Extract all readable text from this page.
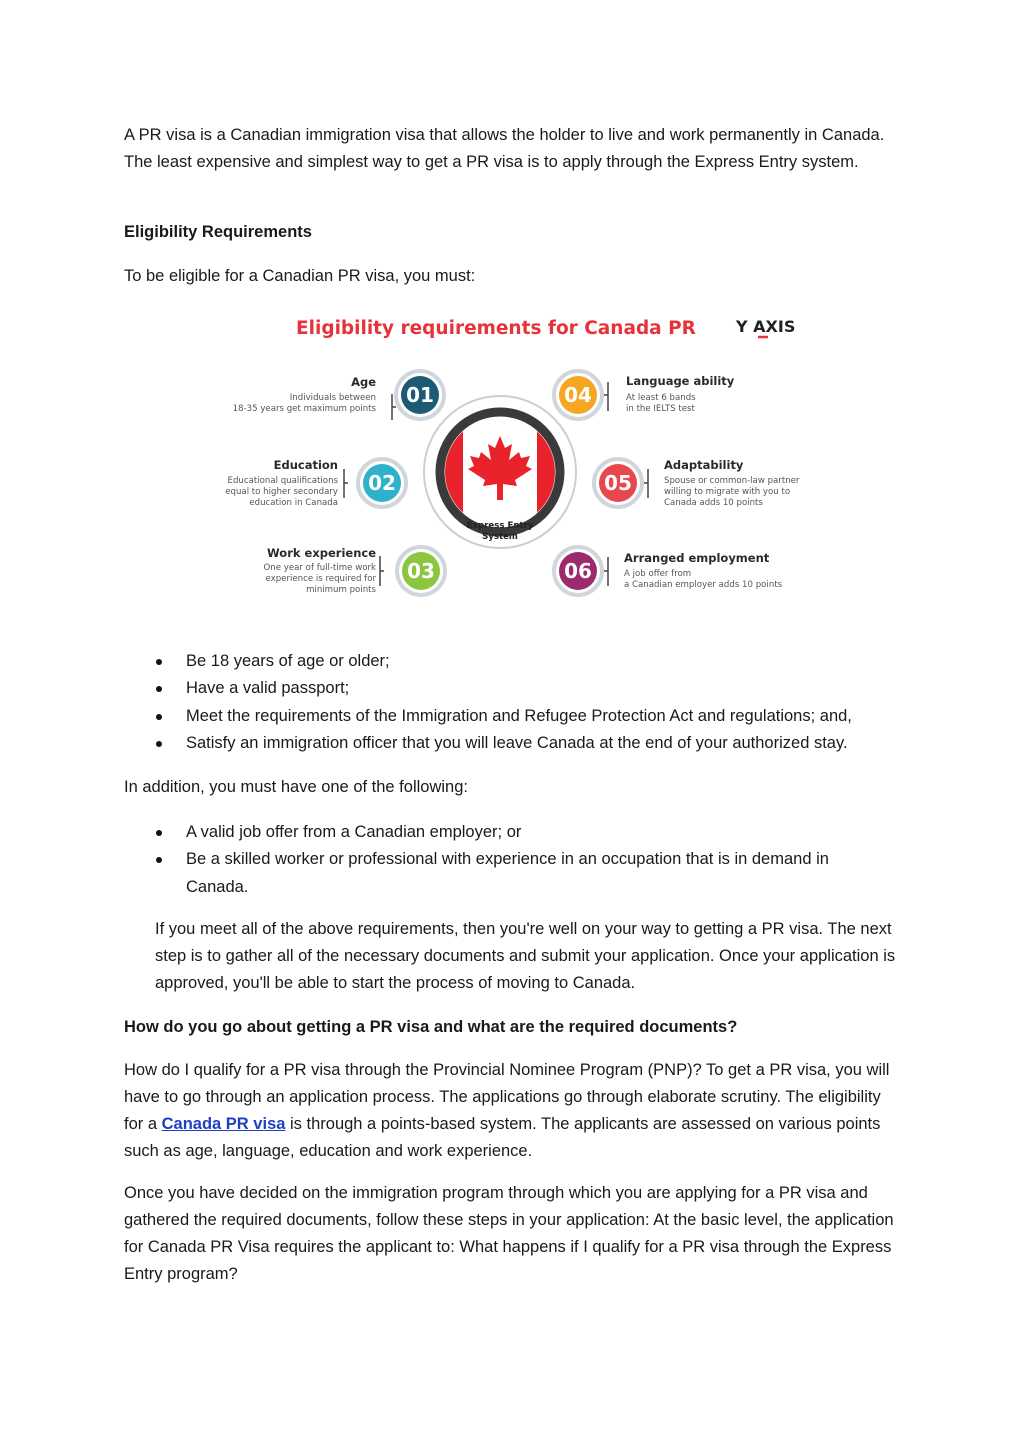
A PR visa is a Canadian immigration visa that allows the holder to live and work permanently in Canada. The least expensive and simplest way to get a PR visa is to apply through the Express Entry system.

Eligibility Requirements

To be eligible for a Canadian PR visa, you must:

Eligibility requirements for Canada PR	Y AXIS
Express Entry
System
01
Age
Individuals between
18-35 years get maximum points
02
Education
Educational qualifications
equal to higher secondary
education in Canada
03
Work experience
One year of full-time work
experience is required for
minimum points
04
Language ability
At least 6 bands
in the IELTS test
05
Adaptability
Spouse or common-law partner
willing to migrate with you to
Canada adds 10 points
06
Arranged employment
A job offer from
a Canadian employer adds 10 points
Be 18 years of age or older;
Have a valid passport;
Meet the requirements of the Immigration and Refugee Protection Act and regulations; and,
Satisfy an immigration officer that you will leave Canada at the end of your authorized stay.

In addition, you must have one of the following:

A valid job offer from a Canadian employer; or
Be a skilled worker or professional with experience in an occupation that is in demand in Canada.

If you meet all of the above requirements, then you're well on your way to getting a PR visa. The next step is to gather all of the necessary documents and submit your application. Once your application is approved, you'll be able to start the process of moving to Canada.

How do you go about getting a PR visa and what are the required documents?

How do I qualify for a PR visa through the Provincial Nominee Program (PNP)? To get a PR visa, you will have to go through an application process. The applications go through elaborate scrutiny. The eligibility for a Canada PR visa is through a points-based system. The applicants are assessed on various points such as age, language, education and work experience.

Once you have decided on the immigration program through which you are applying for a PR visa and gathered the required documents, follow these steps in your application: At the basic level, the application for Canada PR Visa requires the applicant to: What happens if I qualify for a PR visa through the Express Entry program?
